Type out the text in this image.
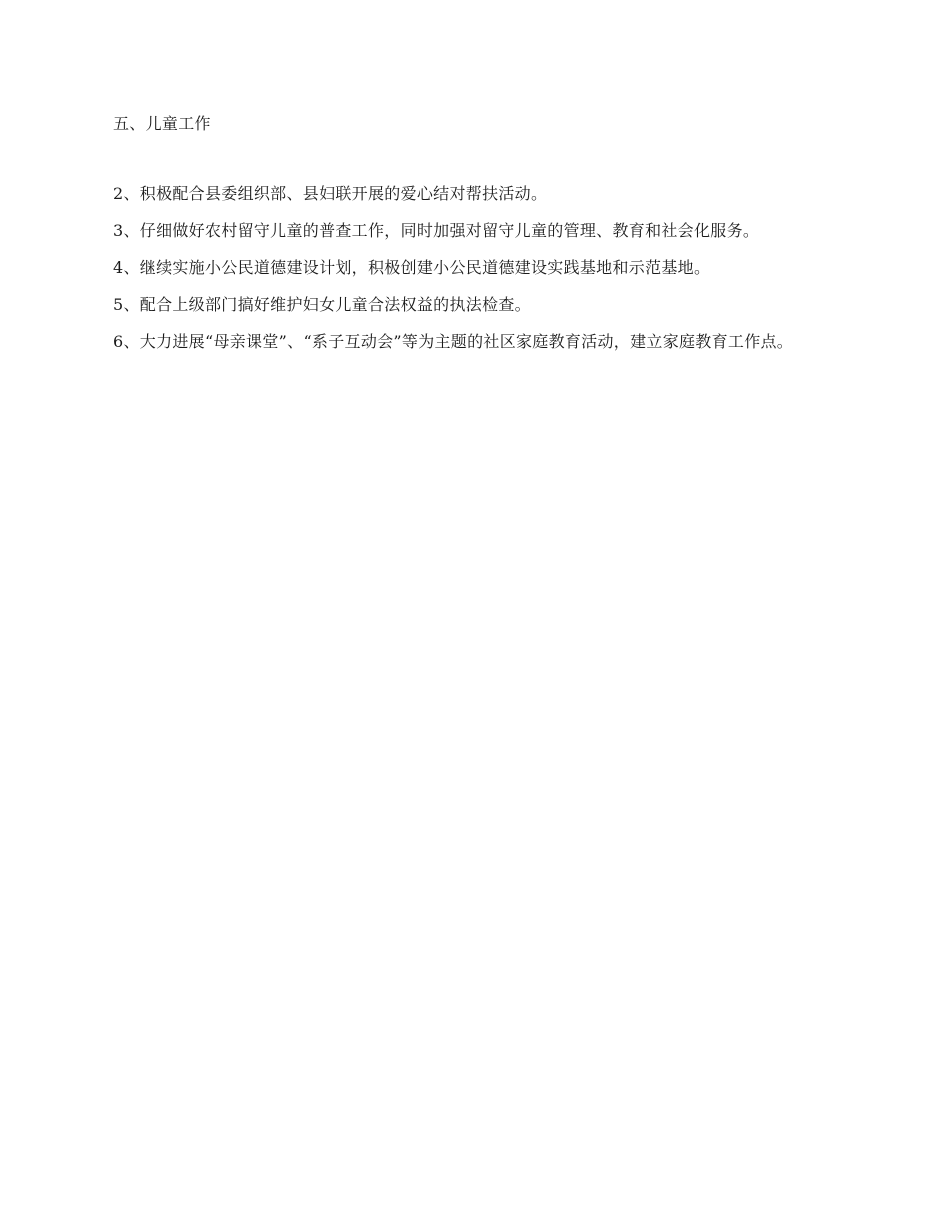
五、儿童工作
2、积极配合县委组织部、县妇联开展的爱心结对帮扶活动。
3、仔细做好农村留守儿童的普查工作，同时加强对留守儿童的管理、教育和社会化服务。
4、继续实施小公民道德建设计划，积极创建小公民道德建设实践基地和示范基地。
5、配合上级部门搞好维护妇女儿童合法权益的执法检查。
6、大力进展“母亲课堂”、“系子互动会”等为主题的社区家庭教育活动，建立家庭教育工作点。
